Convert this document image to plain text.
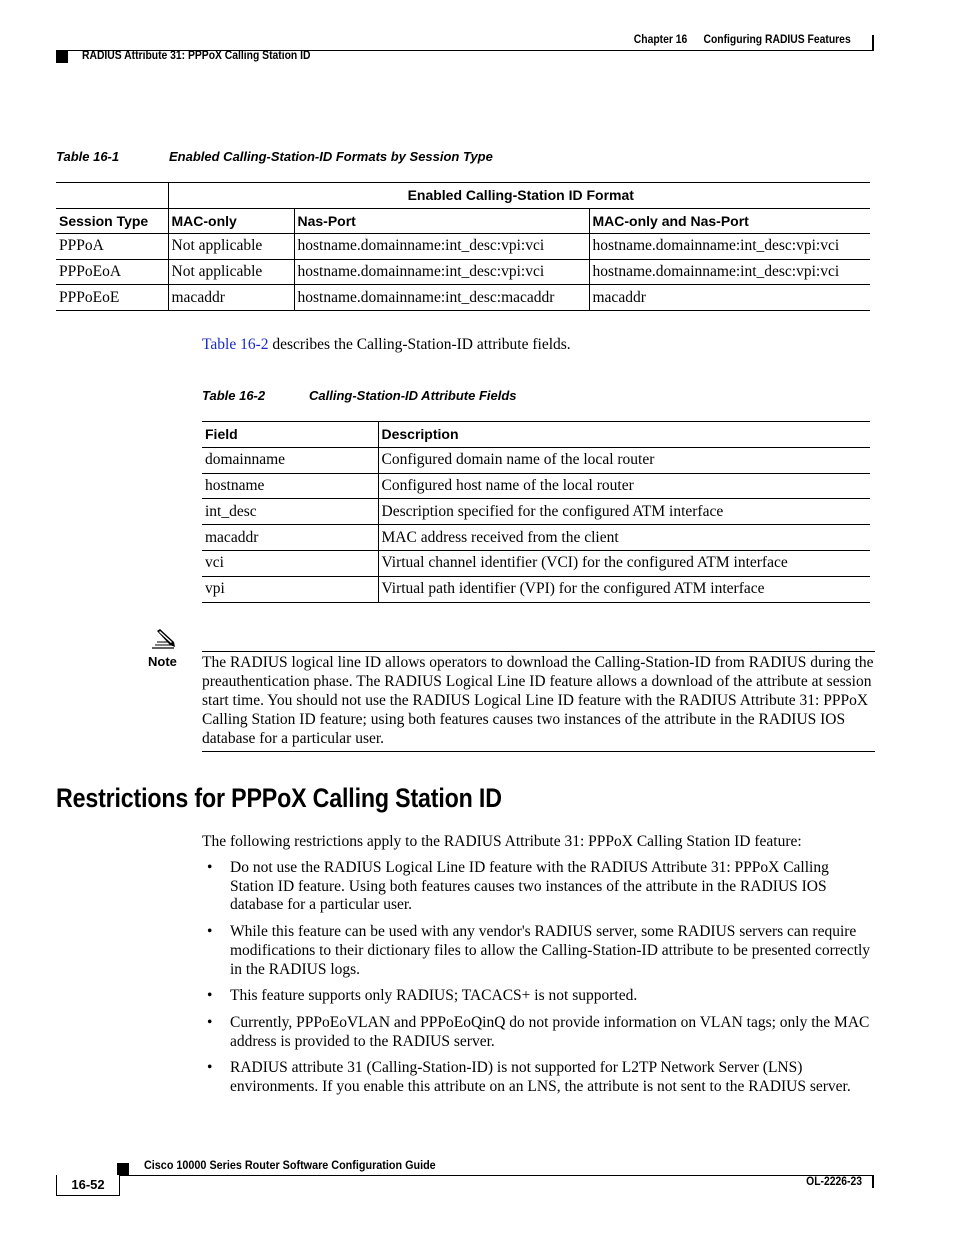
Chapter 16 Configuring RADIUS Features
RADIUS Attribute 31: PPPoX Calling Station ID
Table 16-1	Enabled Calling-Station-ID Formats by Session Type
	Enabled Calling-Station ID Format		
Session Type	MAC-only	Nas-Port	MAC-only and Nas-Port
PPPoA	Not applicable	hostname.domainname:int_desc:vpi:vci	hostname.domainname:int_desc:vpi:vci
PPPoEoA	Not applicable	hostname.domainname:int_desc:vpi:vci	hostname.domainname:int_desc:vpi:vci
PPPoEoE	macaddr	hostname.domainname:int_desc:macaddr	macaddr
Table 16-2 describes the Calling-Station-ID attribute fields.
Table 16-2	Calling-Station-ID Attribute Fields
Field	Description
domainname	Configured domain name of the local router
hostname	Configured host name of the local router
int_desc	Description specified for the configured ATM interface
macaddr	MAC address received from the client
vci	Virtual channel identifier (VCI) for the configured ATM interface
vpi	Virtual path identifier (VPI) for the configured ATM interface
Note The RADIUS logical line ID allows operators to download the Calling-Station-ID from RADIUS during the preauthentication phase. The RADIUS Logical Line ID feature allows a download of the attribute at session start time. You should not use the RADIUS Logical Line ID feature with the RADIUS Attribute 31: PPPoX Calling Station ID feature; using both features causes two instances of the attribute in the RADIUS IOS database for a particular user.
Restrictions for PPPoX Calling Station ID
The following restrictions apply to the RADIUS Attribute 31: PPPoX Calling Station ID feature:
• Do not use the RADIUS Logical Line ID feature with the RADIUS Attribute 31: PPPoX Calling Station ID feature. Using both features causes two instances of the attribute in the RADIUS IOS database for a particular user.
• While this feature can be used with any vendor's RADIUS server, some RADIUS servers can require modifications to their dictionary files to allow the Calling-Station-ID attribute to be presented correctly in the RADIUS logs.
• This feature supports only RADIUS; TACACS+ is not supported.
• Currently, PPPoEoVLAN and PPPoEoQinQ do not provide information on VLAN tags; only the MAC address is provided to the RADIUS server.
• RADIUS attribute 31 (Calling-Station-ID) is not supported for L2TP Network Server (LNS) environments. If you enable this attribute on an LNS, the attribute is not sent to the RADIUS server.
Cisco 10000 Series Router Software Configuration Guide
16-52	OL-2226-23
